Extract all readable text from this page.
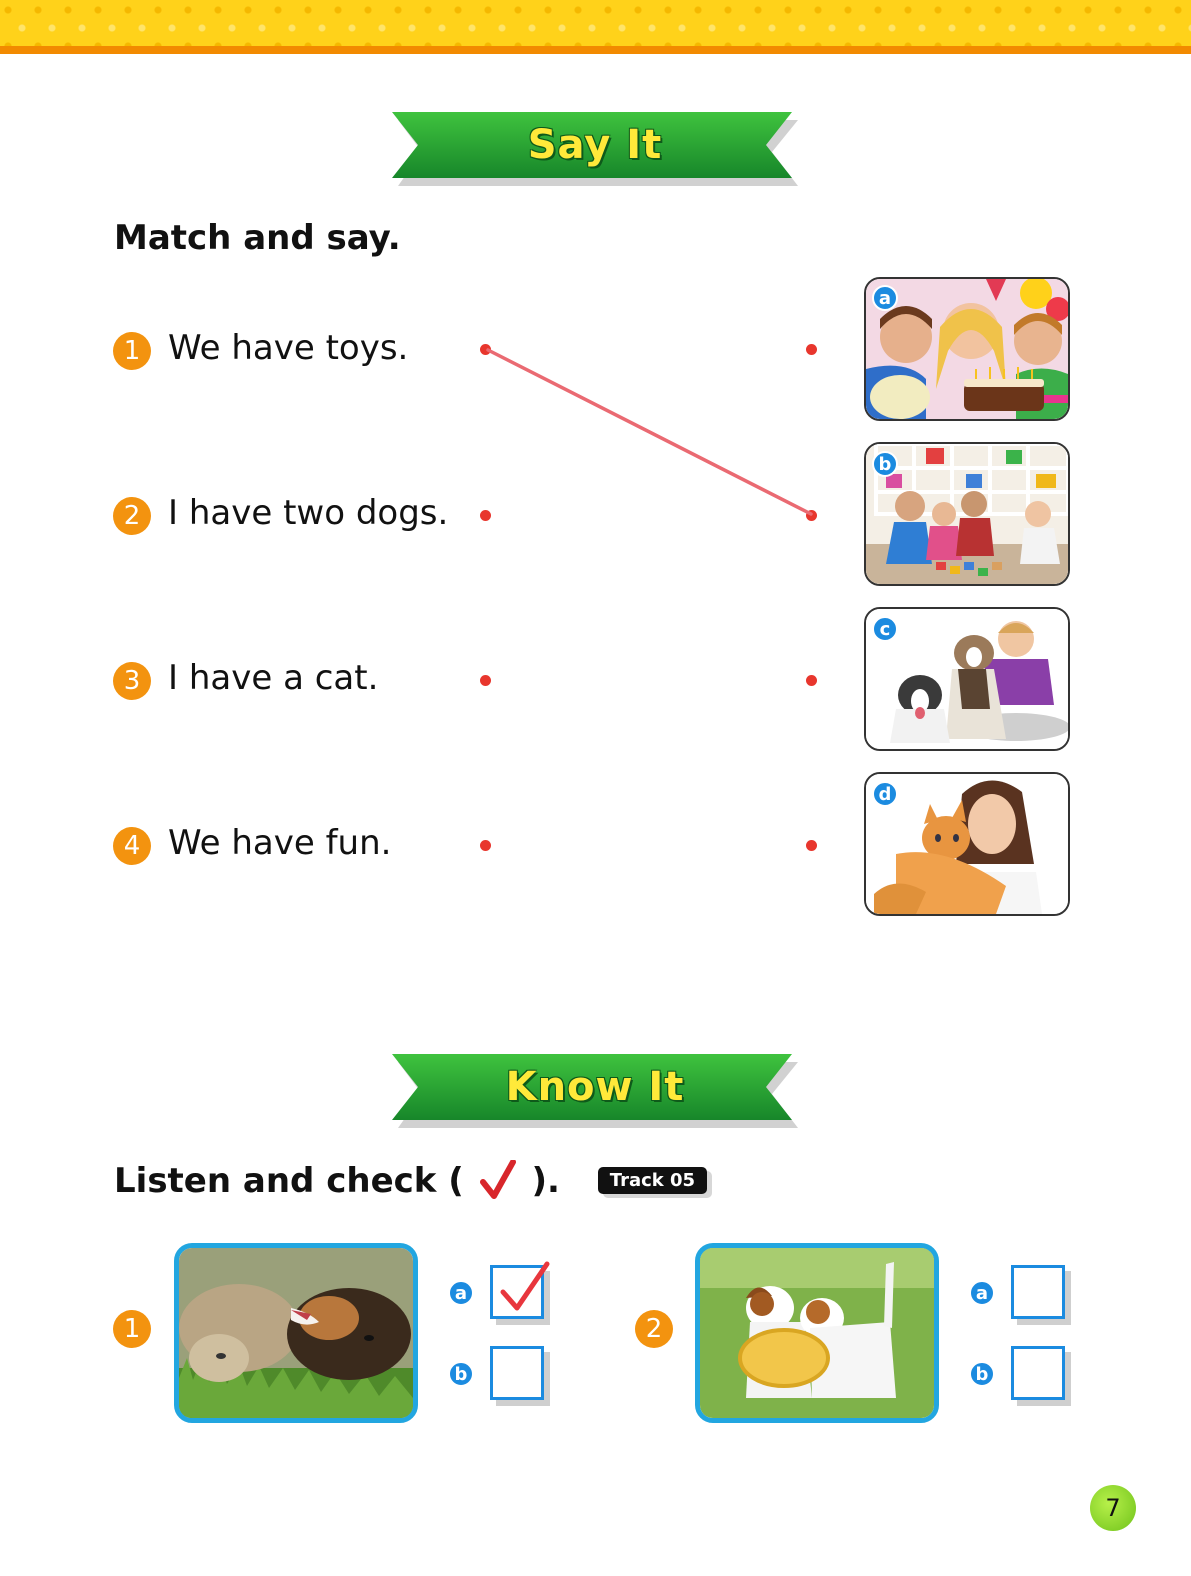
Say It
Match and say.
1 We have toys.
2 I have two dogs.
3 I have a cat.
4 We have fun.
a
b
c
d
Know It
Listen and check ( ).	Track 05
1
a
b
2
a
b
7
